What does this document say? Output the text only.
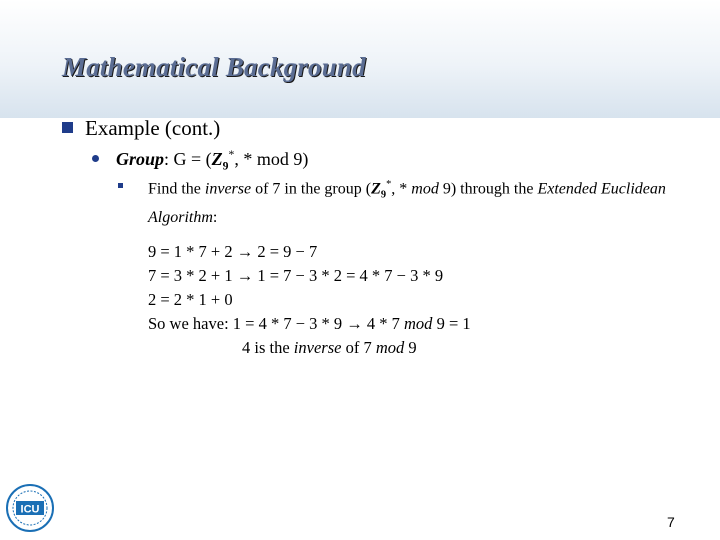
Mathematical Background
Example (cont.)
Group: $G = (Z_9^*$, * mod 9)
Find the inverse of 7 in the group ($Z_9^*$, * mod 9) through the Extended Euclidean Algorithm:
9 = 1 * 7 + 2 → 2 = 9 − 7
7 = 3 * 2 + 1 → 1 = 7 − 3 * 2 = 4 * 7 − 3 * 9
2 = 2 * 1 + 0
So we have: 1 = 4 * 7 − 3 * 9 → 4 * 7 mod 9 = 1
4 is the inverse of 7 mod 9
ICU
7
